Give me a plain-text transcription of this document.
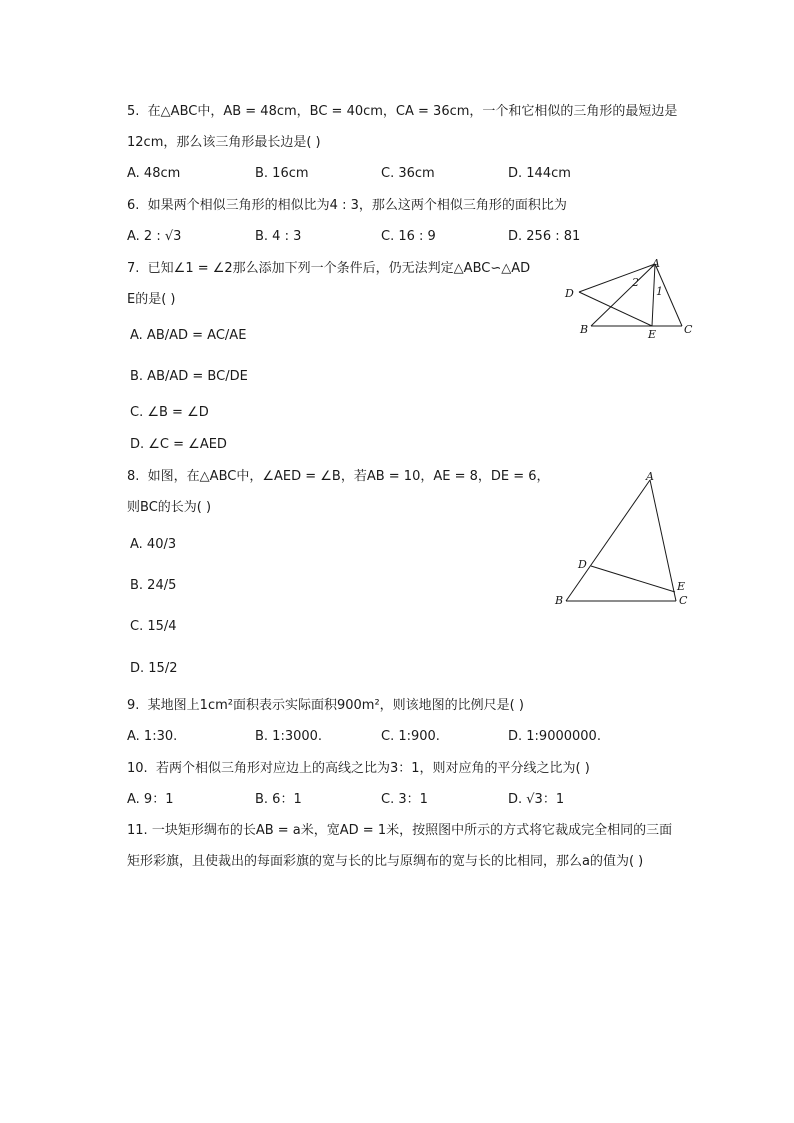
5. 在△ABC中，AB = 48cm，BC = 40cm，CA = 36cm，一个和它相似的三角形的最短边是
12cm，那么该三角形最长边是( )
A. 48cm	B. 16cm	C. 36cm	D. 144cm
6. 如果两个相似三角形的相似比为4 : 3，那么这两个相似三角形的面积比为
A. 2 : √3	B. 4 : 3	C. 16 : 9	D. 256 : 81
7. 已知∠1 = ∠2那么添加下列一个条件后，仍无法判定△ABC∽△AD
E的是( )
A. AB/AD = AC/AE
B. AB/AD = BC/DE
C. ∠B = ∠D
D. ∠C = ∠AED
A
B	C
D
E
1
2
8. 如图，在△ABC中，∠AED = ∠B，若AB = 10，AE = 8，DE = 6，
则BC的长为( )
A. 40/3
B. 24/5
C. 15/4
D. 15/2
A
B	C
D
E
9. 某地图上1cm²面积表示实际面积900m²，则该地图的比例尺是( )
A. 1:30.	B. 1:3000.	C. 1:900.	D. 1:9000000.
10. 若两个相似三角形对应边上的高线之比为3：1，则对应角的平分线之比为( )
A. 9：1	B. 6：1	C. 3：1	D. √3：1
11. 一块矩形绸布的长AB = a米，宽AD = 1米，按照图中所示的方式将它裁成完全相同的三面
矩形彩旗，且使裁出的每面彩旗的宽与长的比与原绸布的宽与长的比相同，那么a的值为( )
